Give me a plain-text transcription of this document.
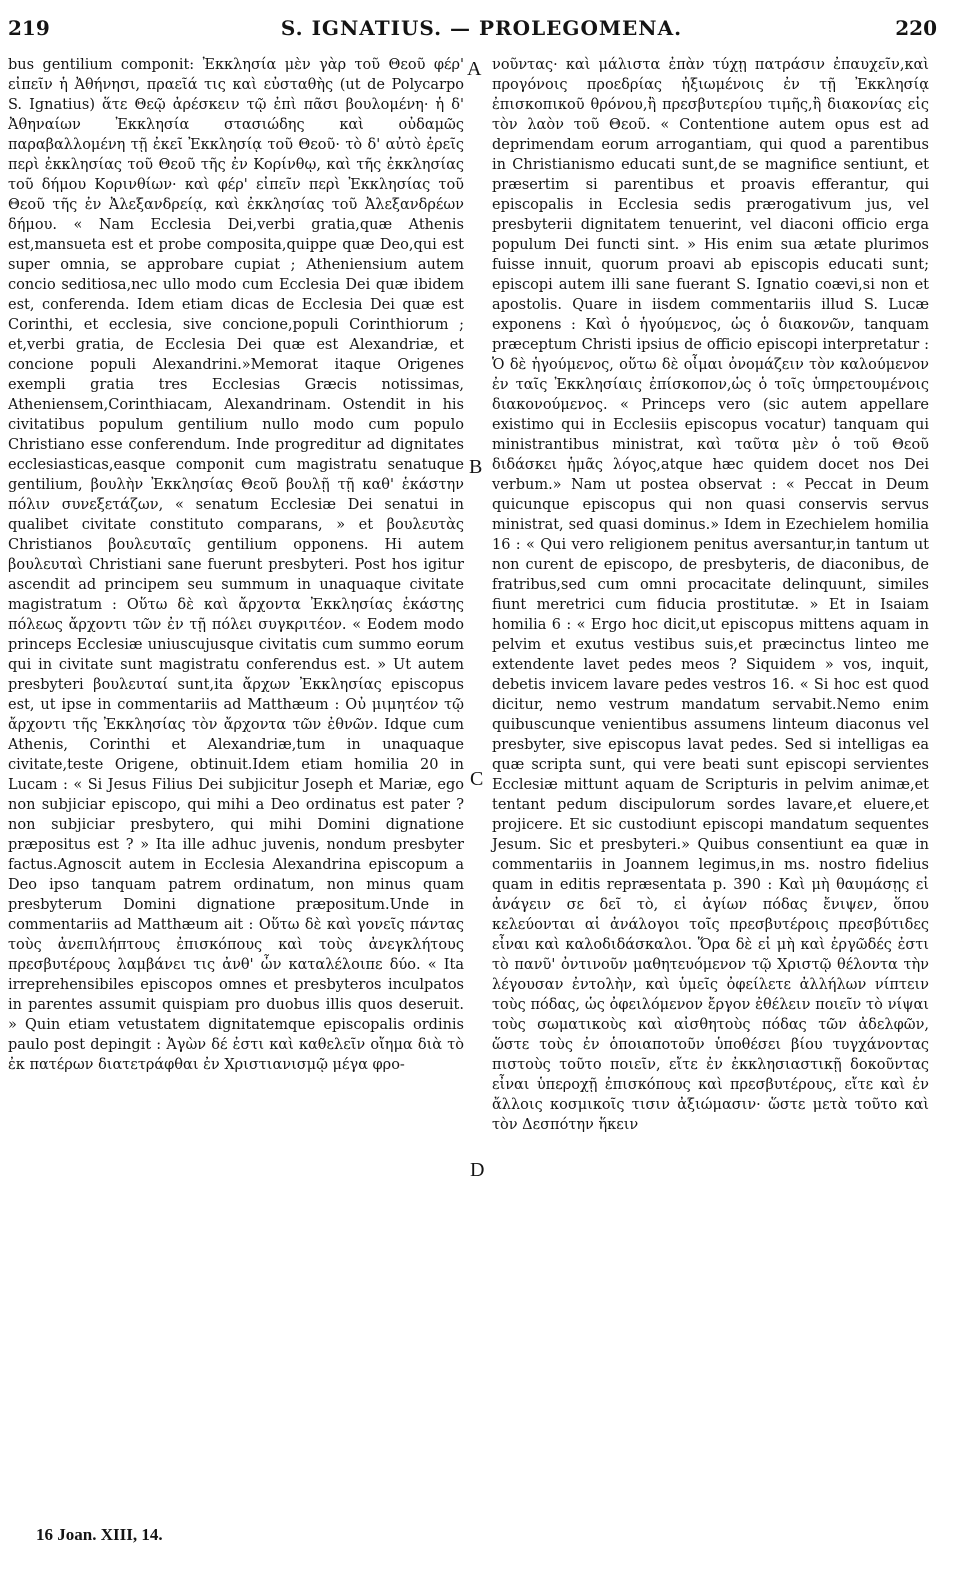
219	S. IGNATIUS. — PROLEGOMENA.	220

bus gentilium componit: Ἐκκλησία μὲν γὰρ τοῦ Θεοῦ φέρ' εἰπεῖν ἡ Ἀθήνησι, πραεῖά τις καὶ εὐσταθὴς (ut de Polycarpo S. Ignatius) ἅτε Θεῷ ἀρέσκειν τῷ ἐπὶ πᾶσι βουλομένη· ἡ δ' Ἀθηναίων Ἐκκλησία στασιώδης καὶ οὐδαμῶς παραβαλλομένη τῇ ἐκεῖ Ἐκκλησίᾳ τοῦ Θεοῦ· τὸ δ' αὐτὸ ἐρεῖς περὶ ἐκκλησίας τοῦ Θεοῦ τῆς ἐν Κορίνθῳ, καὶ τῆς ἐκκλησίας τοῦ δήμου Κορινθίων· καὶ φέρ' εἰπεῖν περὶ Ἐκκλησίας τοῦ Θεοῦ τῆς ἐν Ἀλεξανδρείᾳ, καὶ ἐκκλησίας τοῦ Ἀλεξανδρέων δήμου. « Nam Ecclesia Dei,verbi gratia,quæ Athenis est,mansueta est et probe composita,quippe quæ Deo,qui est super omnia, se approbare cupiat ; Atheniensium autem concio seditiosa,nec ullo modo cum Ecclesia Dei quæ ibidem est, conferenda. Idem etiam dicas de Ecclesia Dei quæ est Corinthi, et ecclesia, sive concione,populi Corinthiorum ; et,verbi gratia, de Ecclesia Dei quæ est Alexandriæ, et concione populi Alexandrini.»Memorat itaque Origenes exempli gratia tres Ecclesias Græcis notissimas, Atheniensem,Corinthiacam, Alexandrinam. Ostendit in his civitatibus populum gentilium nullo modo cum populo Christiano esse conferendum. Inde progreditur ad dignitates ecclesiasticas,easque componit cum magistratu senatuque gentilium, βουλὴν Ἐκκλησίας Θεοῦ βουλῇ τῇ καθ' ἑκάστην πόλιν συνεξετάζων, « senatum Ecclesiæ Dei senatui in qualibet civitate constituto comparans, » et βουλευτὰς Christianos βουλευταῖς gentilium opponens. Hi autem βουλευταὶ Christiani sane fuerunt presbyteri. Post hos igitur ascendit ad principem seu summum in unaquaque civitate magistratum : Οὕτω δὲ καὶ ἄρχοντα Ἐκκλησίας ἑκάστης πόλεως ἄρχοντι τῶν ἐν τῇ πόλει συγκριτέον. « Eodem modo princeps Ecclesiæ uniuscujusque civitatis cum summo eorum qui in civitate sunt magistratu conferendus est. » Ut autem presbyteri βουλευταί sunt,ita ἄρχων Ἐκκλησίας episcopus est, ut ipse in commentariis ad Matthæum : Οὐ μιμητέον τῷ ἄρχοντι τῆς Ἐκκλησίας τὸν ἄρχοντα τῶν ἐθνῶν. Idque cum Athenis, Corinthi et Alexandriæ,tum in unaquaque civitate,teste Origene, obtinuit.Idem etiam homilia 20 in Lucam : « Si Jesus Filius Dei subjicitur Joseph et Mariæ, ego non subjiciar episcopo, qui mihi a Deo ordinatus est pater ? non subjiciar presbytero, qui mihi Domini dignatione præpositus est ? » Ita ille adhuc juvenis, nondum presbyter factus.Agnoscit autem in Ecclesia Alexandrina episcopum a Deo ipso tanquam patrem ordinatum, non minus quam presbyterum Domini dignatione præpositum.Unde in commentariis ad Matthæum ait : Οὕτω δὲ καὶ γονεῖς πάντας τοὺς ἀνεπιλήπτους ἐπισκόπους καὶ τοὺς ἀνεγκλήτους πρεσβυτέρους λαμβάνει τις ἀνθ' ὧν καταλέλοιπε δύο. « Ita irreprehensibiles episcopos omnes et presbyteros inculpatos in parentes assumit quispiam pro duobus illis quos deseruit. » Quin etiam vetustatem dignitatemque episcopalis ordinis paulo post depingit : Ἀγὼν δέ ἐστι καὶ καθελεῖν οἴημα διὰ τὸ ἐκ πατέρων διατετράφθαι ἐν Χριστιανισμῷ μέγα φρο-

A
B
C
D

νοῦντας· καὶ μάλιστα ἐπὰν τύχῃ πατράσιν ἐπαυχεῖν,καὶ προγόνοις προεδρίας ἠξιωμένοις ἐν τῇ Ἐκκλησίᾳ ἐπισκοπικοῦ θρόνου,ἢ πρεσβυτερίου τιμῆς,ἢ διακονίας εἰς τὸν λαὸν τοῦ Θεοῦ. « Contentione autem opus est ad deprimendam eorum arrogantiam, qui quod a parentibus in Christianismo educati sunt,de se magnifice sentiunt, et præsertim si parentibus et proavis efferantur, qui episcopalis in Ecclesia sedis prærogativum jus, vel presbyterii dignitatem tenuerint, vel diaconi officio erga populum Dei functi sint. » His enim sua ætate plurimos fuisse innuit, quorum proavi ab episcopis educati sunt; episcopi autem illi sane fuerant S. Ignatio coævi,si non et apostolis. Quare in iisdem commentariis illud S. Lucæ exponens : Καὶ ὁ ἡγούμενος, ὡς ὁ διακονῶν, tanquam præceptum Christi ipsius de officio episcopi interpretatur : Ὁ δὲ ἡγούμενος, οὕτω δὲ οἶμαι ὀνομάζειν τὸν καλούμενον ἐν ταῖς Ἐκκλησίαις ἐπίσκοπον,ὡς ὁ τοῖς ὑπηρετουμένοις διακονούμενος. « Princeps vero (sic autem appellare existimo qui in Ecclesiis episcopus vocatur) tanquam qui ministrantibus ministrat, καὶ ταῦτα μὲν ὁ τοῦ Θεοῦ διδάσκει ἡμᾶς λόγος,atque hæc quidem docet nos Dei verbum.» Nam ut postea observat : « Peccat in Deum quicunque episcopus qui non quasi conservis servus ministrat, sed quasi dominus.» Idem in Ezechielem homilia 16 : « Qui vero religionem penitus aversantur,in tantum ut non curent de episcopo, de presbyteris, de diaconibus, de fratribus,sed cum omni procacitate delinquunt, similes fiunt meretrici cum fiducia prostitutæ. » Et in Isaiam homilia 6 : « Ergo hoc dicit,ut episcopus mittens aquam in pelvim et exutus vestibus suis,et præcinctus linteo me extendente lavet pedes meos ? Siquidem » vos, inquit, debetis invicem lavare pedes vestros 16. « Si hoc est quod dicitur, nemo vestrum mandatum servabit.Nemo enim quibuscunque venientibus assumens linteum diaconus vel presbyter, sive episcopus lavat pedes. Sed si intelligas ea quæ scripta sunt, qui vere beati sunt episcopi servientes Ecclesiæ mittunt aquam de Scripturis in pelvim animæ,et tentant pedum discipulorum sordes lavare,et eluere,et projicere. Et sic custodiunt episcopi mandatum sequentes Jesum. Sic et presbyteri.» Quibus consentiunt ea quæ in commentariis in Joannem legimus,in ms. nostro fidelius quam in editis repræsentata p. 390 : Καὶ μὴ θαυμάσῃς εἰ ἀνάγειν σε δεῖ τὸ, εἰ ἀγίων πόδας ἔνιψεν, ὅπου κελεύονται αἱ ἀνάλογοι τοῖς πρεσβυτέροις πρεσβύτιδες εἶναι καὶ καλοδιδάσκαλοι. Ὅρα δὲ εἰ μὴ καὶ ἐργῶδές ἐστι τὸ πανῦ' ὀντινοῦν μαθητευόμενον τῷ Χριστῷ θέλοντα τὴν λέγουσαν ἐντολὴν, καὶ ὑμεῖς ὀφείλετε ἀλλήλων νίπτειν τοὺς πόδας, ὡς ὀφειλόμενον ἔργον ἐθέλειν ποιεῖν τὸ νίψαι τοὺς σωματικοὺς καὶ αἰσθητοὺς πόδας τῶν ἀδελφῶν, ὥστε τοὺς ἐν ὁποιαποτοῦν ὑποθέσει βίου τυγχάνοντας πιστοὺς τοῦτο ποιεῖν, εἴτε ἐν ἐκκλησιαστικῇ δοκοῦντας εἶναι ὑπεροχῇ ἐπισκόπους καὶ πρεσβυτέρους, εἴτε καὶ ἐν ἄλλοις κοσμικοῖς τισιν ἀξιώμασιν· ὥστε μετὰ τοῦτο καὶ τὸν Δεσπότην ἥκειν

16 Joan. XIII, 14.
